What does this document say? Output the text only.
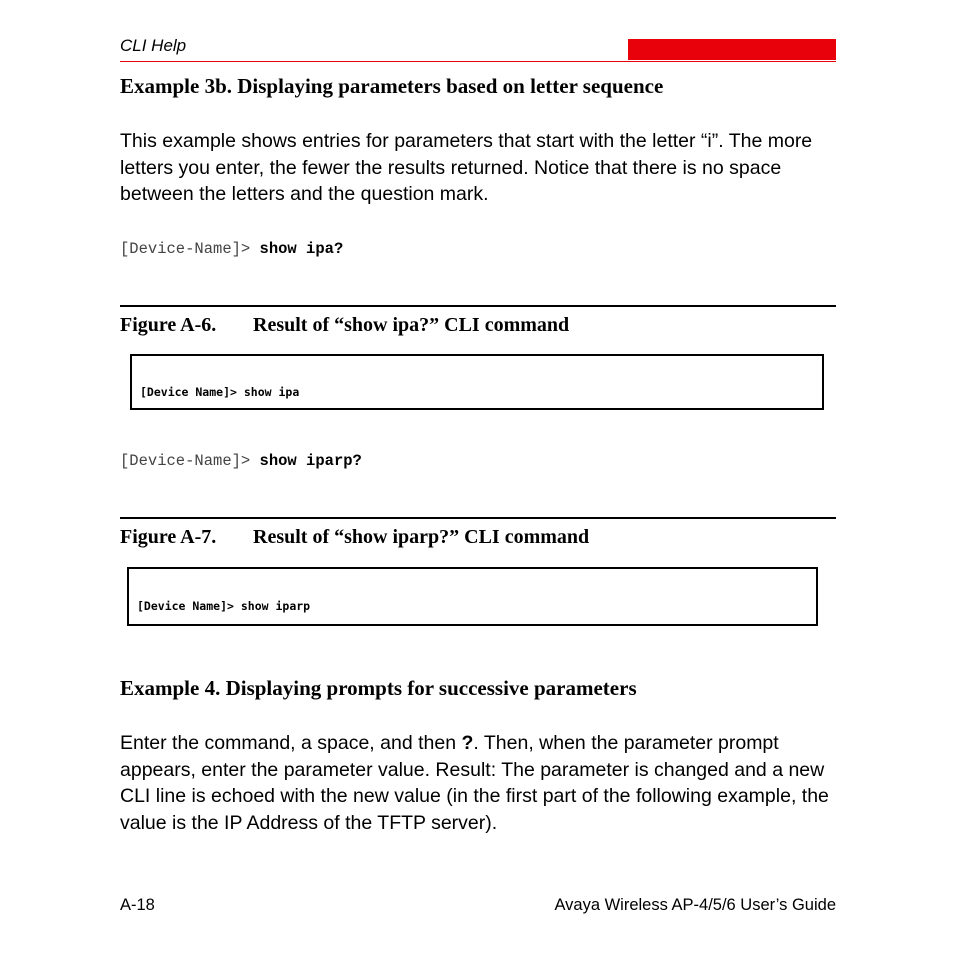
CLI Help
Example 3b. Displaying parameters based on letter sequence
This example shows entries for parameters that start with the letter “i”. The more letters you enter, the fewer the results returned. Notice that there is no space between the letters and the question mark.
[Device-Name]> show ipa?
Figure A-6. Result of “show ipa?” CLI command

[Device Name]> show ipa

[Device-Name]> show iparp?
Figure A-7. Result of “show iparp?” CLI command

[Device Name]> show iparp

Example 4. Displaying prompts for successive parameters
Enter the command, a space, and then ?. Then, when the parameter prompt appears, enter the parameter value. Result: The parameter is changed and a new CLI line is echoed with the new value (in the first part of the following example, the value is the IP Address of the TFTP server).
A-18	Avaya Wireless AP-4/5/6 User’s Guide
